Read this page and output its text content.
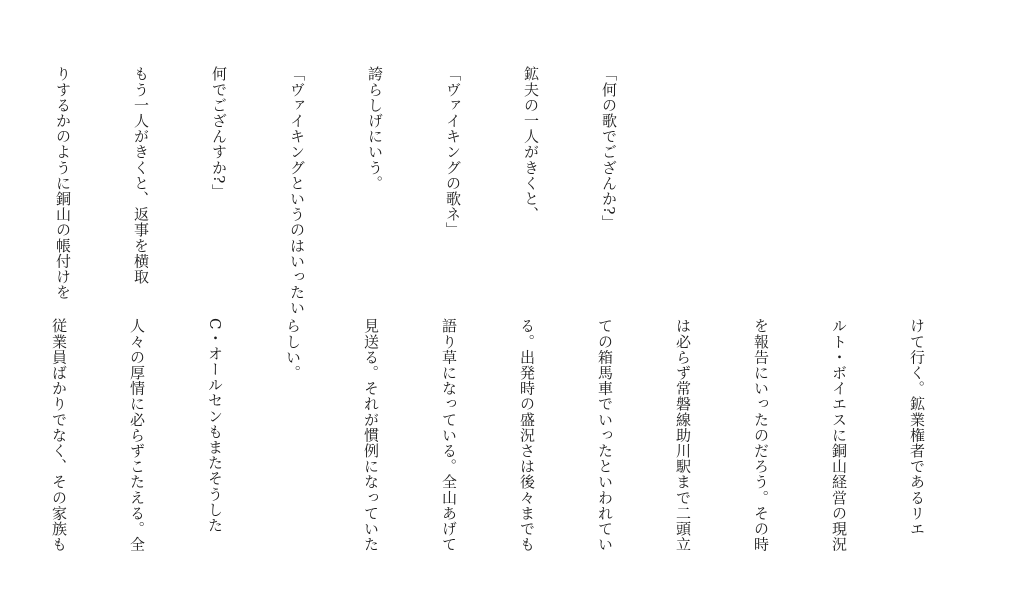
「何の歌でござんか?」

鉱夫の一人がきくと、

「ヴァイキングの歌ネ」

誇らしげにいう。

「ヴァイキングというのはいったい

何でござんすか?」

もう一人がきくと、返事を横取

りするかのように銅山の帳付けを

けて行く。鉱業権者であるリエ

ルト・ボイエスに銅山経営の現況

を報告にいったのだろう。その時

は必らず常磐線助川駅まで二頭立

ての箱馬車でいったといわれてい

る。出発時の盛況さは後々までも

語り草になっている。全山あげて

見送る。それが慣例になっていた

らしい。

C・オールセンもまたそうした

人々の厚情に必らずこたえる。全

従業員ばかりでなく、その家族も
